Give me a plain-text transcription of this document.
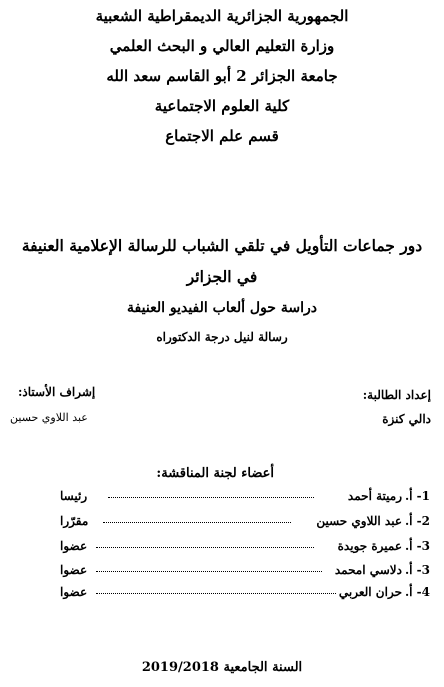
الجمهورية الجزائرية الديمقراطية الشعبية
وزارة التعليم العالي و البحث العلمي
جامعة الجزائر 2 أبو القاسم سعد الله
كلية العلوم الاجتماعية
قسم علم الاجتماع
دور جماعات التأويل في تلقي الشباب للرسالة الإعلامية العنيفة
في الجزائر
دراسة حول ألعاب الفيديو العنيفة
رسالة لنيل درجة الدكتوراه
إعداد الطالبة:
دالي كنزة
إشراف الأستاذ:
عبد اللاوي حسين
أعضاء لجنة المناقشة:
1- أ.
رميتة أحمد
رئيسا
2- أ.
عبد اللاوي حسين
مقرّرا
3- أ.
عميرة جويدة
عضوا
3- أ.
دلاسي امحمد
عضوا
4- أ.
حران العربي
عضوا
السنة الجامعية 2019/2018
